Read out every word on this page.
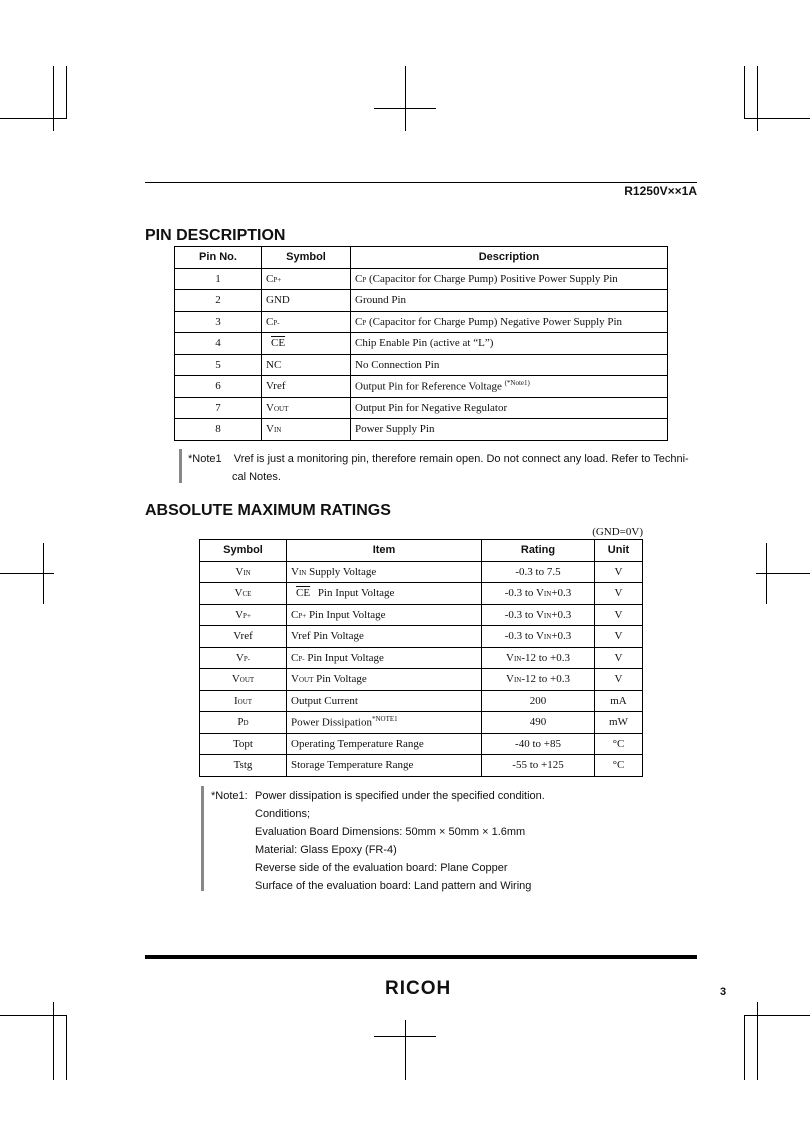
R1250V××1A
PIN DESCRIPTION
Pin No.	Symbol	Description
1	CP+	CP (Capacitor for Charge Pump) Positive Power Supply Pin
2	GND	Ground Pin
3	CP-	CP (Capacitor for Charge Pump) Negative Power Supply Pin
4	$\overline{CE}$	Chip Enable Pin (active at “L”)
5	NC	No Connection Pin
6	Vref	Output Pin for Reference Voltage $^{(*Note1)}$
7	VOUT	Output Pin for Negative Regulator
8	VIN	Power Supply Pin
*Note1 Vref is just a monitoring pin, therefore remain open. Do not connect any load. Refer to Techni-
cal Notes.
ABSOLUTE MAXIMUM RATINGS
(GND=0V)
Symbol	Item	Rating	Unit
VIN	VIN Supply Voltage	-0.3 to 7.5	V
VCE	$\overline{CE}$ Pin Input Voltage	-0.3 to VIN+0.3	V
VP+	CP+ Pin Input Voltage	-0.3 to VIN+0.3	V
Vref	Vref Pin Voltage	-0.3 to VIN+0.3	V
VP-	CP- Pin Input Voltage	VIN-12 to +0.3	V
VOUT	VOUT Pin Voltage	VIN-12 to +0.3	V
IOUT	Output Current	200	mA
PD	Power Dissipation$^{*NOTE1}$	490	mW
Topt	Operating Temperature Range	-40 to +85	°C
Tstg	Storage Temperature Range	-55 to +125	°C
*Note1: Power dissipation is specified under the specified condition.
Conditions;
Evaluation Board Dimensions: 50mm × 50mm × 1.6mm
Material: Glass Epoxy (FR-4)
Reverse side of the evaluation board: Plane Copper
Surface of the evaluation board: Land pattern and Wiring
RICOH	3
